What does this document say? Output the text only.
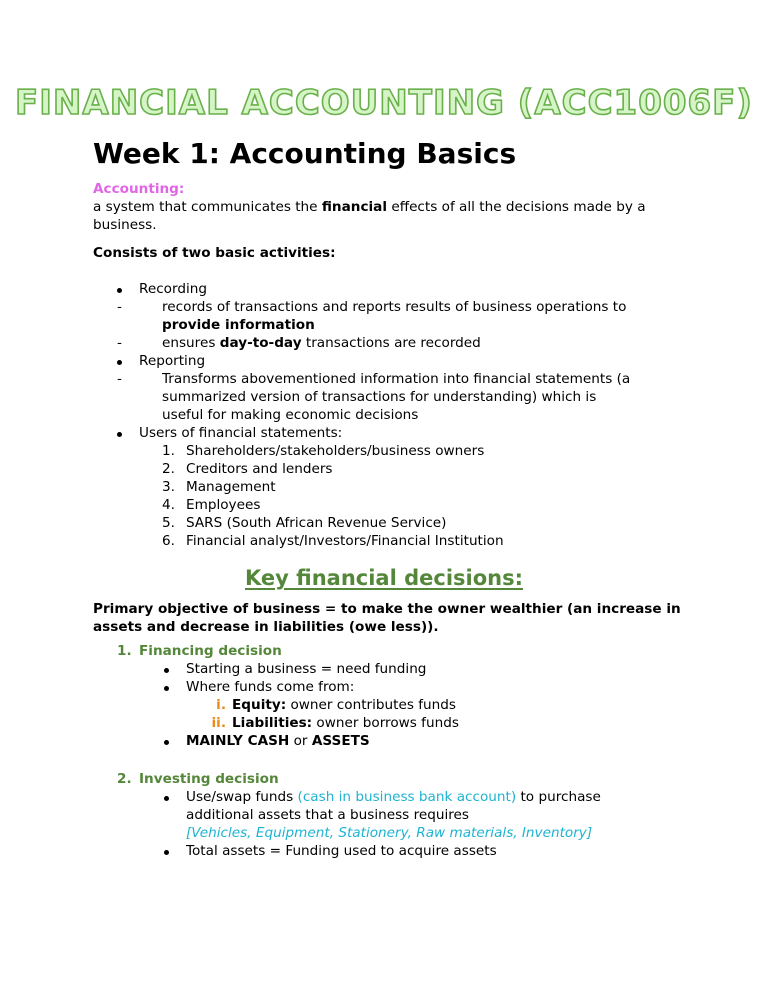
FINANCIAL ACCOUNTING (ACC1006F)
Week 1: Accounting Basics
Accounting:
a system that communicates the financial effects of all the decisions made by a business.
Consists of two basic activities:
Recording
-	records of transactions and reports results of business operations to
provide information
-	ensures day-to-day transactions are recorded
Reporting
-	Transforms abovementioned information into financial statements (a
summarized version of transactions for understanding) which is
useful for making economic decisions
Users of financial statements:
1. Shareholders/stakeholders/business owners
2. Creditors and lenders
3. Management
4. Employees
5. SARS (South African Revenue Service)
6. Financial analyst/Investors/Financial Institution
Key financial decisions:
Primary objective of business = to make the owner wealthier (an increase in
assets and decrease in liabilities (owe less)).
1. Financing decision
Starting a business = need funding
Where funds come from:
i. Equity: owner contributes funds
ii. Liabilities: owner borrows funds
MAINLY CASH or ASSETS
2. Investing decision
Use/swap funds (cash in business bank account) to purchase
additional assets that a business requires
[Vehicles, Equipment, Stationery, Raw materials, Inventory]
Total assets = Funding used to acquire assets
